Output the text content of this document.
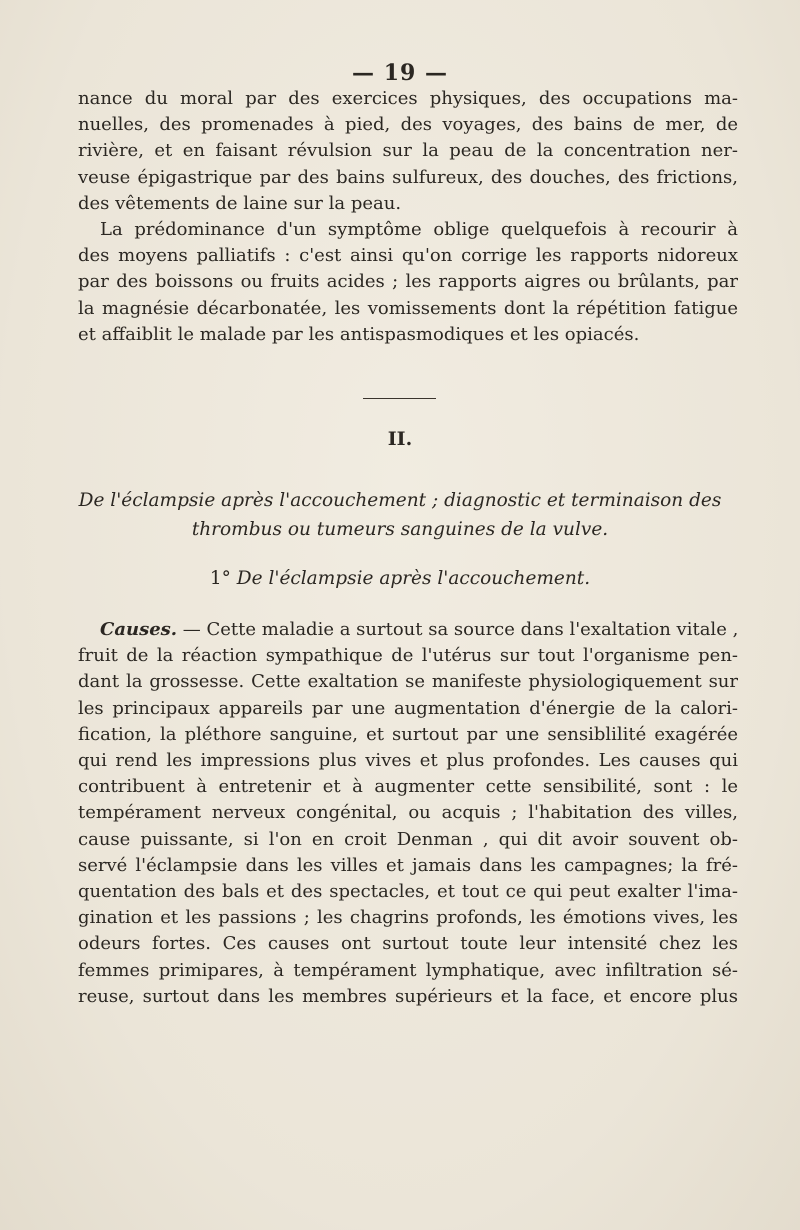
— 19 —
nance du moral par des exercices physiques, des occupations ma-
nuelles, des promenades à pied, des voyages, des bains de mer, de
rivière, et en faisant révulsion sur la peau de la concentration ner-
veuse épigastrique par des bains sulfureux, des douches, des frictions,
des vêtements de laine sur la peau.
La prédominance d'un symptôme oblige quelquefois à recourir à
des moyens palliatifs : c'est ainsi qu'on corrige les rapports nidoreux
par des boissons ou fruits acides ; les rapports aigres ou brûlants, par
la magnésie décarbonatée, les vomissements dont la répétition fatigue
et affaiblit le malade par les antispasmodiques et les opiacés.
II.
De l'éclampsie après l'accouchement ; diagnostic et terminaison des
thrombus ou tumeurs sanguines de la vulve.
1° De l'éclampsie après l'accouchement.
Causes. — Cette maladie a surtout sa source dans l'exaltation vitale ,
fruit de la réaction sympathique de l'utérus sur tout l'organisme pen-
dant la grossesse. Cette exaltation se manifeste physiologiquement sur
les principaux appareils par une augmentation d'énergie de la calori-
fication, la pléthore sanguine, et surtout par une sensiblilité exagérée
qui rend les impressions plus vives et plus profondes. Les causes qui
contribuent à entretenir et à augmenter cette sensibilité, sont : le
tempérament nerveux congénital, ou acquis ; l'habitation des villes,
cause puissante, si l'on en croit Denman , qui dit avoir souvent ob-
servé l'éclampsie dans les villes et jamais dans les campagnes; la fré-
quentation des bals et des spectacles, et tout ce qui peut exalter l'ima-
gination et les passions ; les chagrins profonds, les émotions vives, les
odeurs fortes. Ces causes ont surtout toute leur intensité chez les
femmes primipares, à tempérament lymphatique, avec infiltration sé-
reuse, surtout dans les membres supérieurs et la face, et encore plus
